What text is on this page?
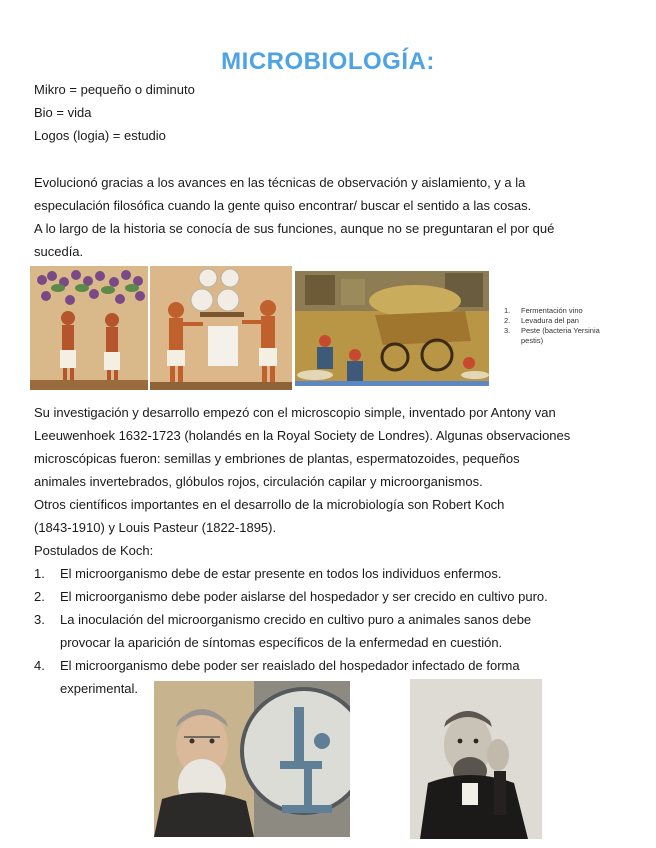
MICROBIOLOGÍA:
Mikro = pequeño o diminuto
Bio = vida
Logos (logia) = estudio
Evolucionó gracias a los avances en las técnicas de observación y aislamiento, y a la
especulación filosófica cuando la gente quiso encontrar/ buscar el sentido a las cosas.
A lo largo de la historia se conocía de sus funciones, aunque no se preguntaran el por qué
sucedía.
1. Fermentación vino
2. Levadura del pan
3. Peste (bacteria Yersinia
pestis)
Su investigación y desarrollo empezó con el microscopio simple, inventado por Antony van
Leeuwenhoek 1632-1723 (holandés en la Royal Society de Londres). Algunas observaciones
microscópicas fueron: semillas y embriones de plantas, espermatozoides, pequeños
animales invertebrados, glóbulos rojos, circulación capilar y microorganismos.
Otros científicos importantes en el desarrollo de la microbiología son Robert Koch
(1843-1910) y Louis Pasteur (1822-1895).
Postulados de Koch:
1. El microorganismo debe de estar presente en todos los individuos enfermos.
2. El microorganismo debe poder aislarse del hospedador y ser crecido en cultivo puro.
3. La inoculación del microorganismo crecido en cultivo puro a animales sanos debe
provocar la aparición de síntomas específicos de la enfermedad en cuestión.
4. El microorganismo debe poder ser reaislado del hospedador infectado de forma
experimental.
